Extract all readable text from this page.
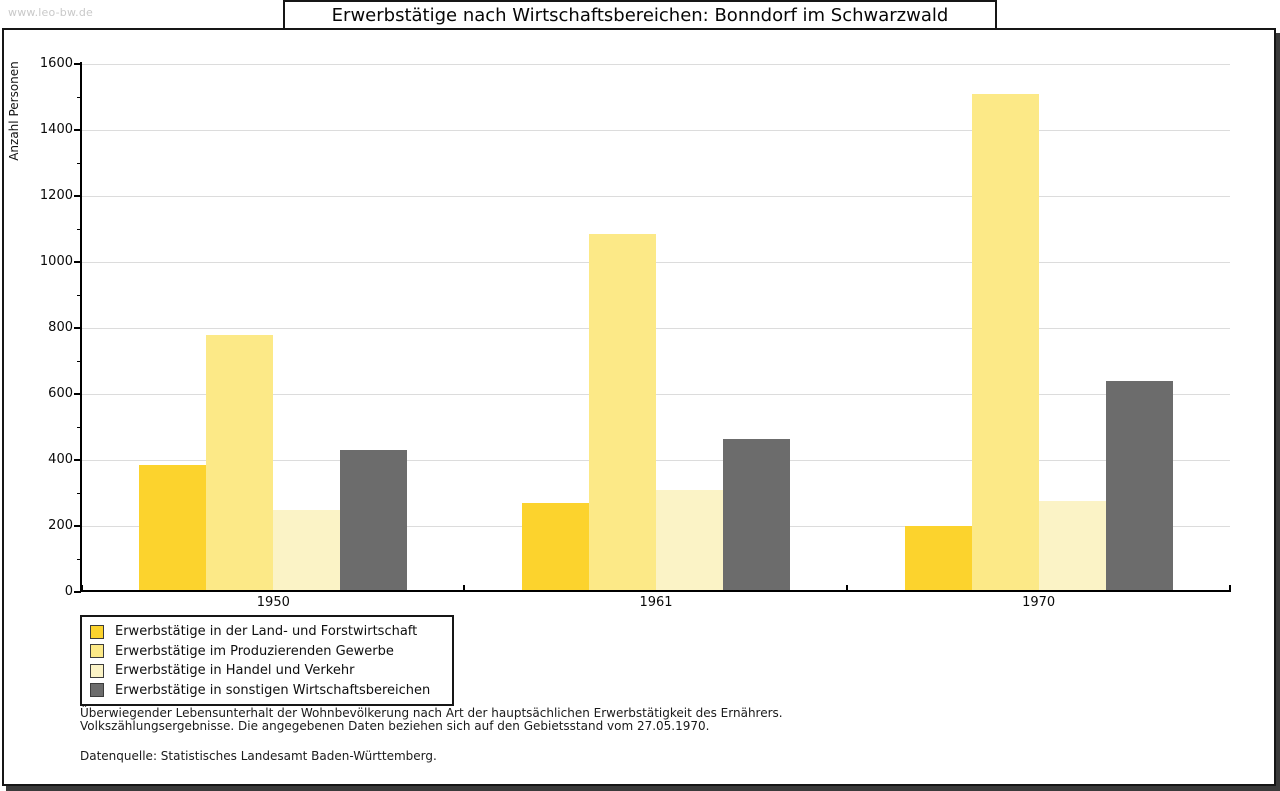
www.leo-bw.de	Erwerbstätige nach Wirtschaftsbereichen: Bonndorf im Schwarzwald
Anzahl Personen
Erwerbstätige in der Land- und Forstwirtschaft
Erwerbstätige im Produzierenden Gewerbe
Erwerbstätige in Handel und Verkehr
Erwerbstätige in sonstigen Wirtschaftsbereichen
Überwiegender Lebensunterhalt der Wohnbevölkerung nach Art der hauptsächlichen Erwerbstätigkeit des Ernährers.
Volkszählungsergebnisse. Die angegebenen Daten beziehen sich auf den Gebietsstand vom 27.05.1970.
Datenquelle: Statistisches Landesamt Baden-Württemberg.
1950	1961	1970
0
200
400
600
800
1000
1200
1400
1600
